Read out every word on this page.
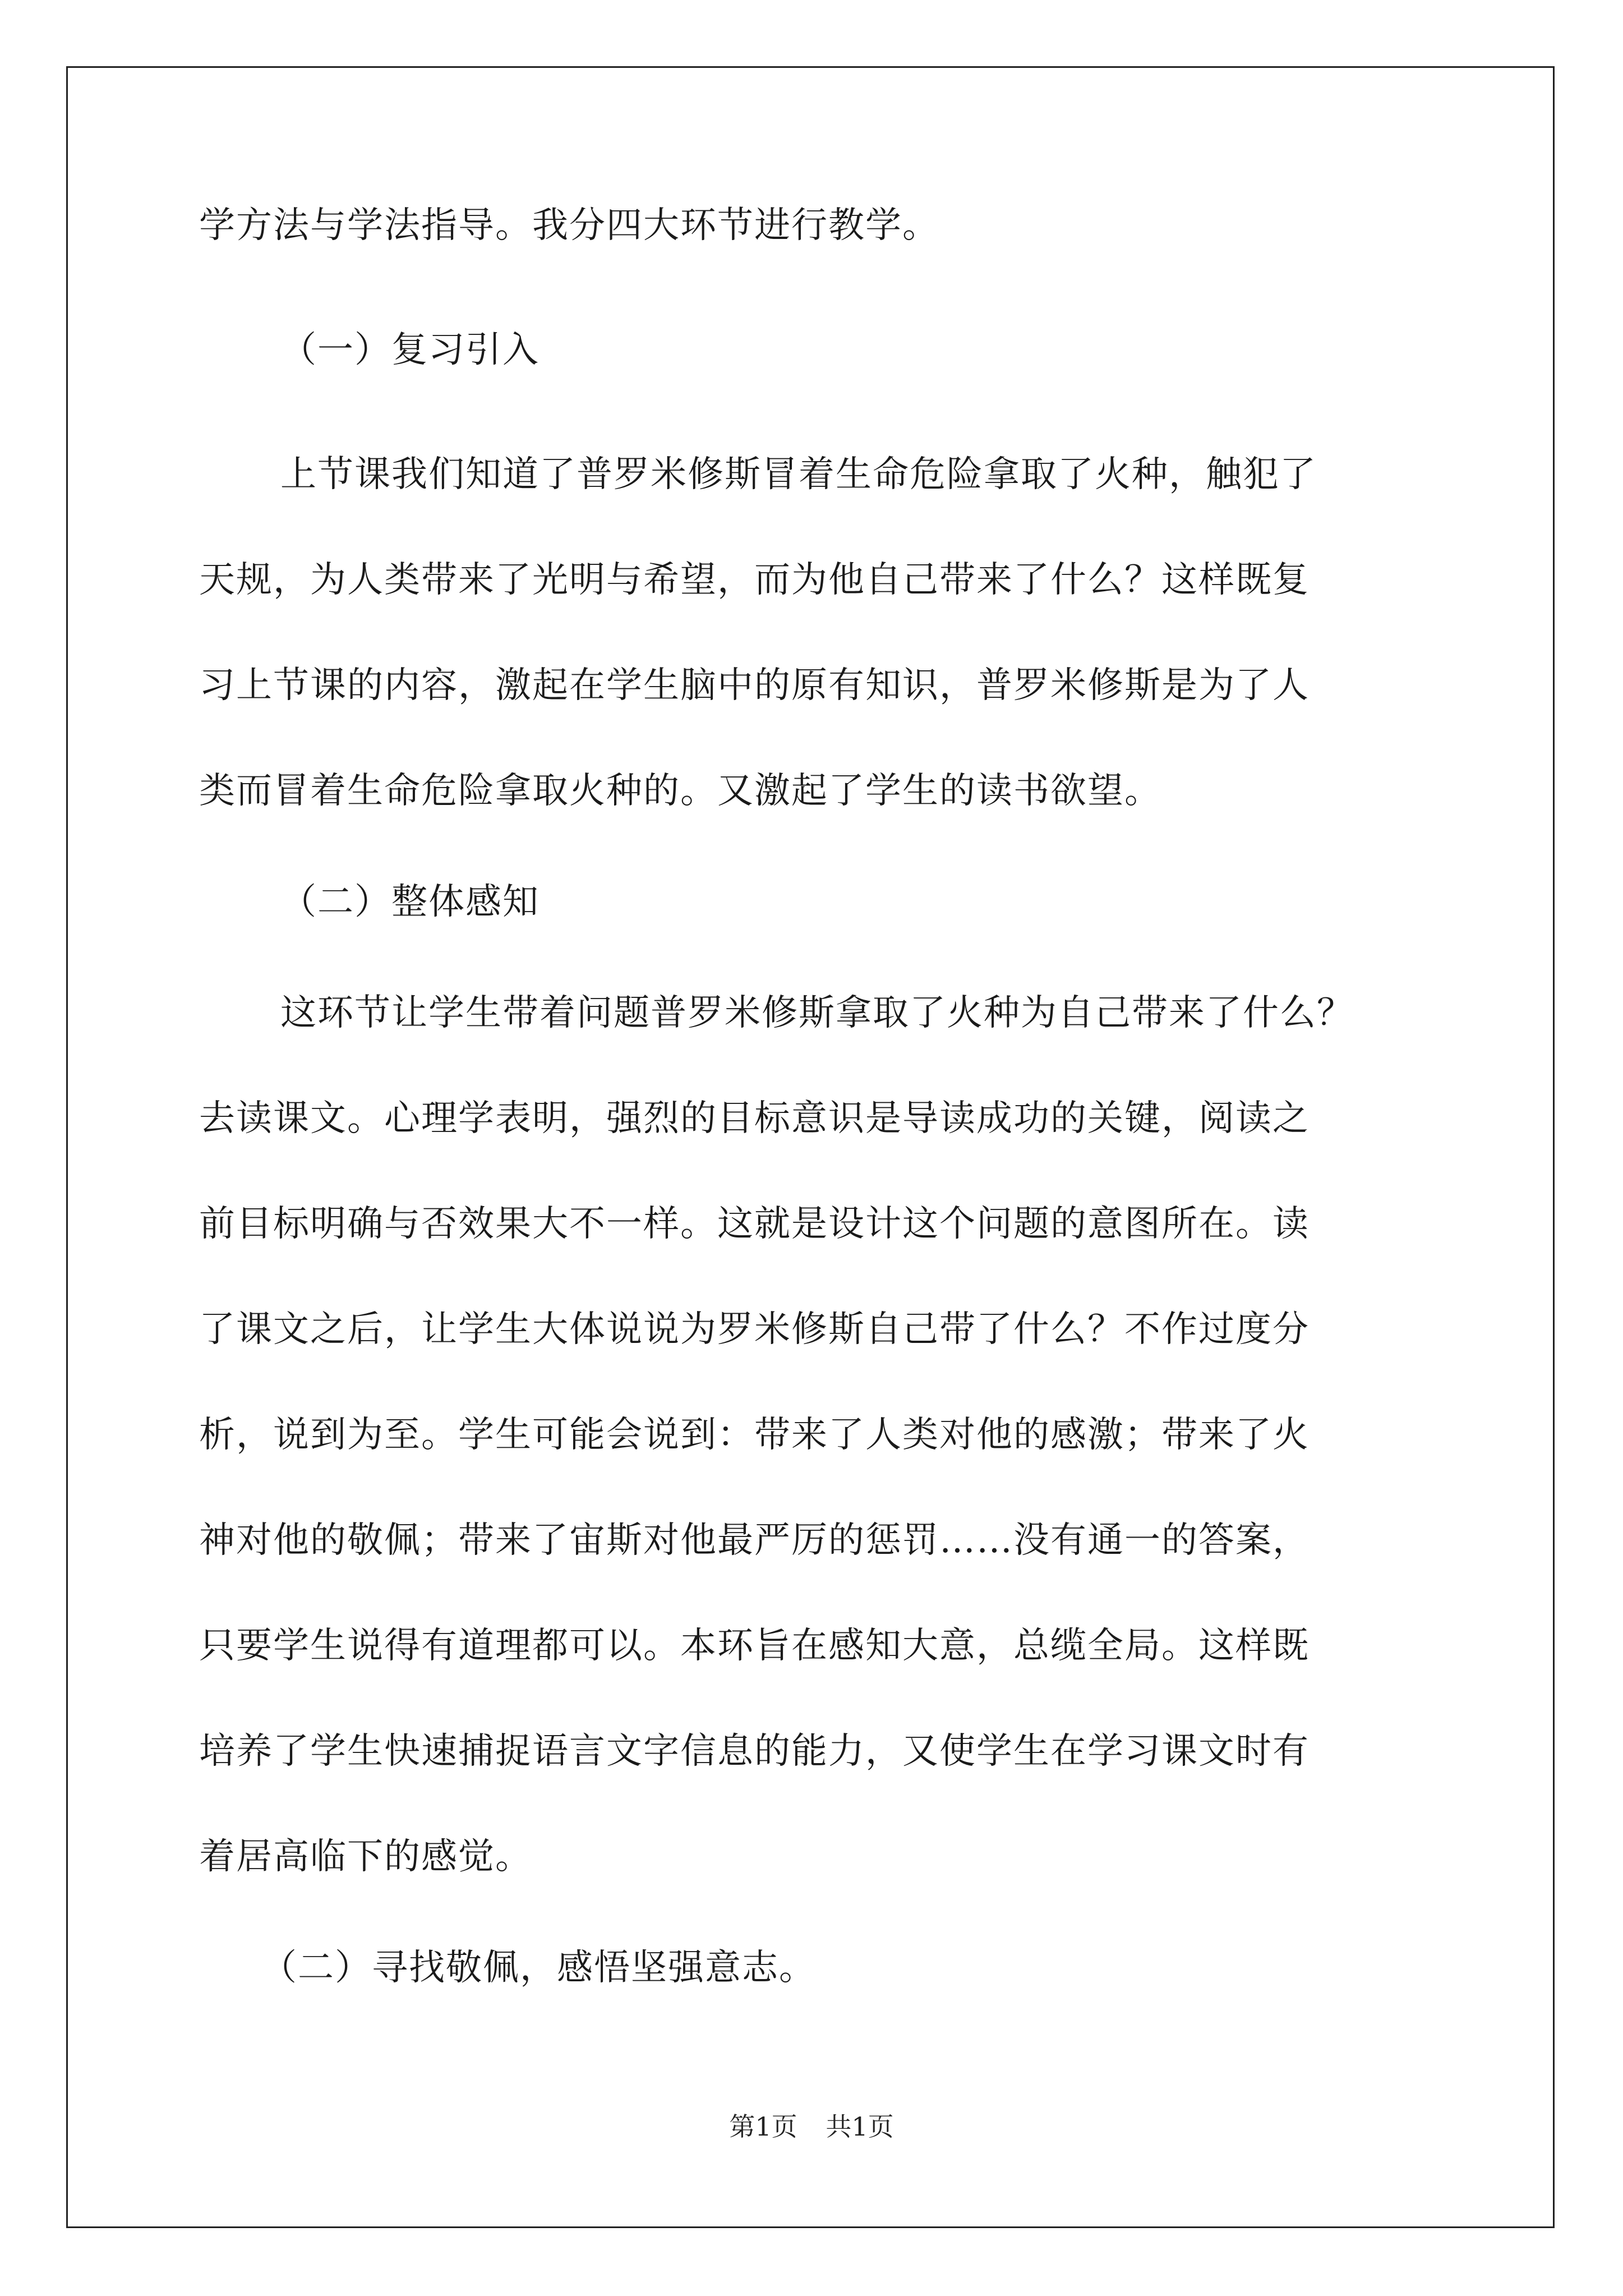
学方法与学法指导。我分四大环节进行教学。

（一）复习引入

上节课我们知道了普罗米修斯冒着生命危险拿取了火种，触犯了

天规，为人类带来了光明与希望，而为他自己带来了什么？这样既复

习上节课的内容，激起在学生脑中的原有知识，普罗米修斯是为了人

类而冒着生命危险拿取火种的。又激起了学生的读书欲望。

（二）整体感知

这环节让学生带着问题普罗米修斯拿取了火种为自己带来了什么？

去读课文。心理学表明，强烈的目标意识是导读成功的关键，阅读之

前目标明确与否效果大不一样。这就是设计这个问题的意图所在。读

了课文之后，让学生大体说说为罗米修斯自己带了什么？不作过度分

析，说到为至。学生可能会说到：带来了人类对他的感激；带来了火

神对他的敬佩；带来了宙斯对他最严厉的惩罚……没有通一的答案，

只要学生说得有道理都可以。本环旨在感知大意，总缆全局。这样既

培养了学生快速捕捉语言文字信息的能力，又使学生在学习课文时有

着居高临下的感觉。

（二）寻找敬佩，感悟坚强意志。

第1页 共1页
